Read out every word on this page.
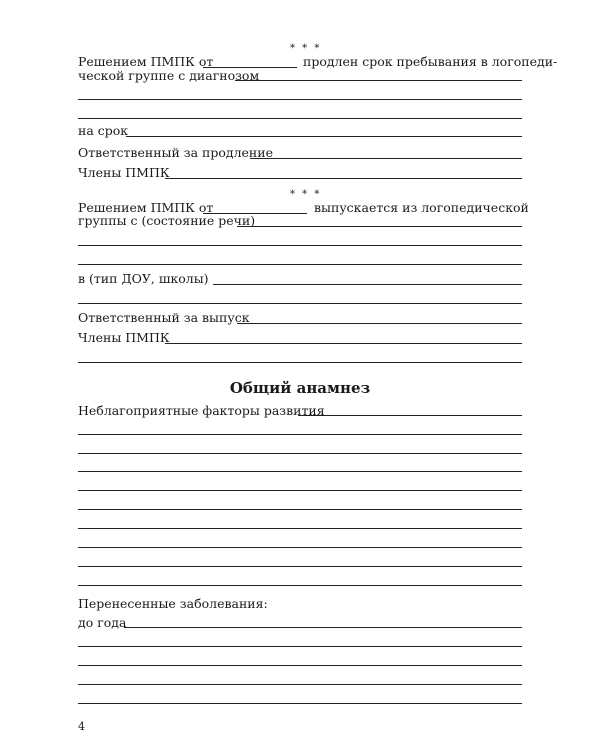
* * *
Решением ПМПК от	продлен срок пребывания в логопеди-
ческой группе с диагнозом
на срок
Ответственный за продление
Члены ПМПК
* * *
Решением ПМПК от	выпускается из логопедической
группы с (состояние речи)
в (тип ДОУ, школы)
Ответственный за выпуск
Члены ПМПК
Общий анамнез
Неблагоприятные факторы развития
Перенесенные заболевания:
до года
4
